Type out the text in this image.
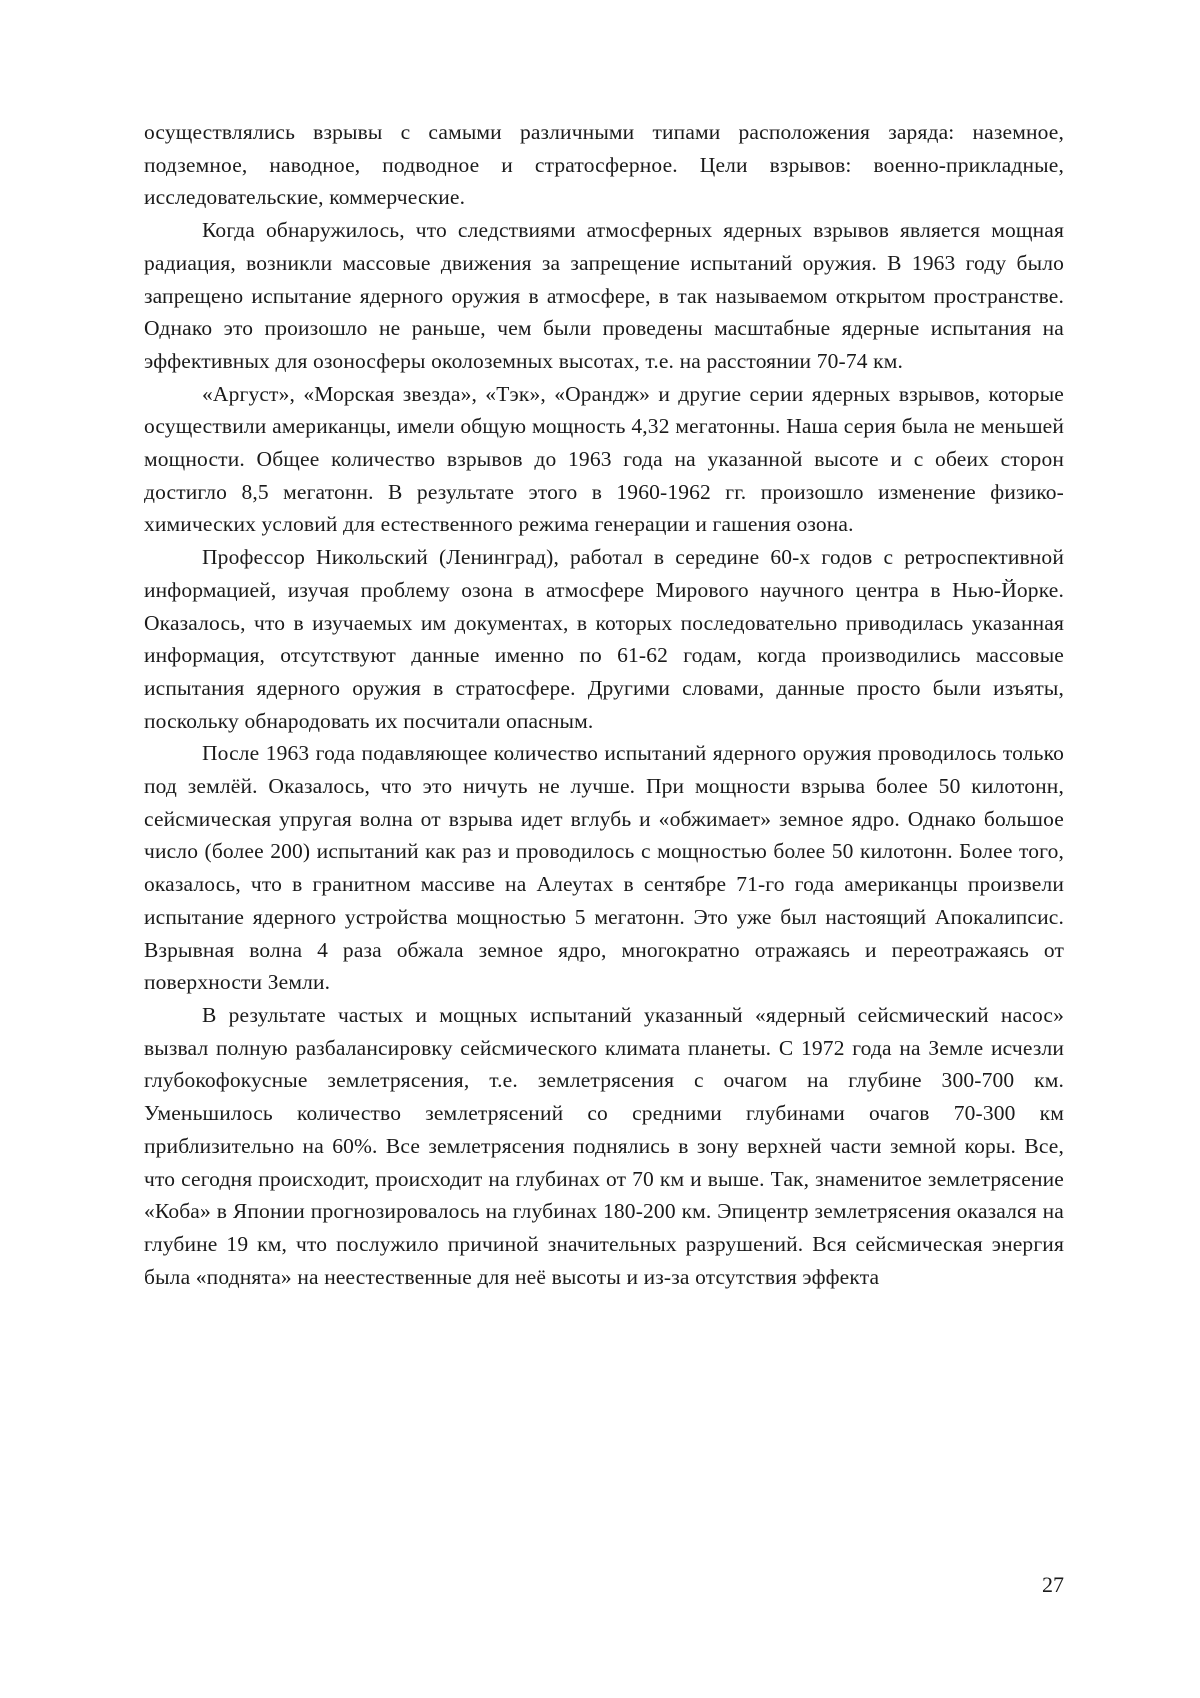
осуществлялись взрывы с самыми различными типами расположения заряда: наземное, подземное, наводное, подводное и стратосферное. Цели взрывов: военно-прикладные, исследовательские, коммерческие.

Когда обнаружилось, что следствиями атмосферных ядерных взрывов является мощная радиация, возникли массовые движения за запрещение испытаний оружия. В 1963 году было запрещено испытание ядерного оружия в атмосфере, в так называемом открытом пространстве. Однако это произошло не раньше, чем были проведены масштабные ядерные испытания на эффективных для озоносферы околоземных высотах, т.е. на расстоянии 70-74 км.

«Аргуст», «Морская звезда», «Тэк», «Орандж» и другие серии ядерных взрывов, которые осуществили американцы, имели общую мощность 4,32 мегатонны. Наша серия была не меньшей мощности. Общее количество взрывов до 1963 года на указанной высоте и с обеих сторон достигло 8,5 мегатонн. В результате этого в 1960-1962 гг. произошло изменение физико-химических условий для естественного режима генерации и гашения озона.

Профессор Никольский (Ленинград), работал в середине 60-х годов с ретроспективной информацией, изучая проблему озона в атмосфере Мирового научного центра в Нью-Йорке. Оказалось, что в изучаемых им документах, в которых последовательно приводилась указанная информация, отсутствуют данные именно по 61-62 годам, когда производились массовые испытания ядерного оружия в стратосфере. Другими словами, данные просто были изъяты, поскольку обнародовать их посчитали опасным.

После 1963 года подавляющее количество испытаний ядерного оружия проводилось только под землёй. Оказалось, что это ничуть не лучше. При мощности взрыва более 50 килотонн, сейсмическая упругая волна от взрыва идет вглубь и «обжимает» земное ядро. Однако большое число (более 200) испытаний как раз и проводилось с мощностью более 50 килотонн. Более того, оказалось, что в гранитном массиве на Алеутах в сентябре 71-го года американцы произвели испытание ядерного устройства мощностью 5 мегатонн. Это уже был настоящий Апокалипсис. Взрывная волна 4 раза обжала земное ядро, многократно отражаясь и переотражаясь от поверхности Земли.

В результате частых и мощных испытаний указанный «ядерный сейсмический насос» вызвал полную разбалансировку сейсмического климата планеты. С 1972 года на Земле исчезли глубокофокусные землетрясения, т.е. землетрясения с очагом на глубине 300-700 км. Уменьшилось количество землетрясений со средними глубинами очагов 70-300 км приблизительно на 60%. Все землетрясения поднялись в зону верхней части земной коры. Все, что сегодня происходит, происходит на глубинах от 70 км и выше. Так, знаменитое землетрясение «Коба» в Японии прогнозировалось на глубинах 180-200 км. Эпицентр землетрясения оказался на глубине 19 км, что послужило причиной значительных разрушений. Вся сейсмическая энергия была «поднята» на неестественные для неё высоты и из-за отсутствия эффекта

27
